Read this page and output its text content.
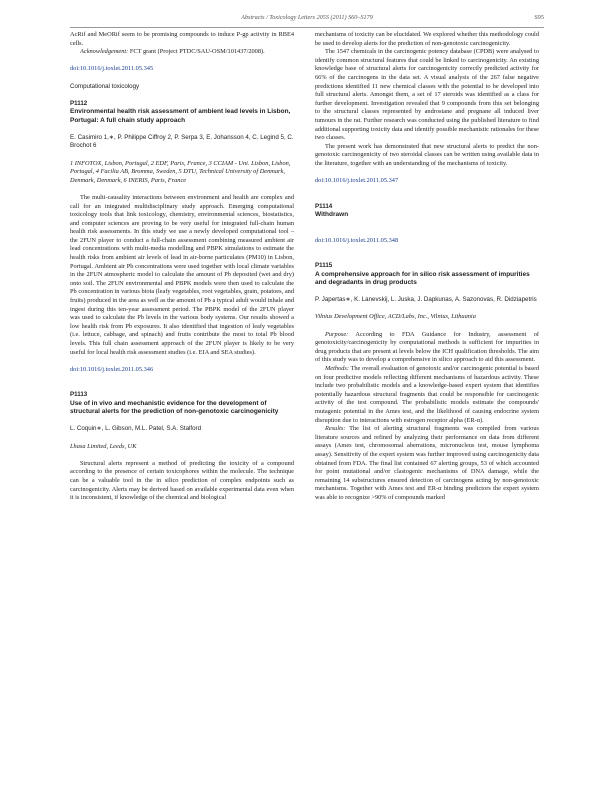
Abstracts / Toxicology Letters 205S (2011) S60–S179	S95

AcRif and MeORif seem to be promising compounds to induce P-gp activity in RBE4 cells.

Acknowledgement: FCT grant (Project PTDC/SAU-OSM/101437/2008).

doi:10.1016/j.toxlet.2011.05.345

Computational toxicology

P1112

Environmental health risk assessment of ambient lead levels in Lisbon, Portugal: A full chain study approach

E. Casimiro 1,∗, P. Philippe Ciffroy 2, P. Serpa 3, E. Johansson 4, C. Legind 5, C. Brochot 6

1 INFOTOX, Lisbon, Portugal, 2 EDF, Paris, France, 3 CCIAM - Uni. Lisbon, Lisbon, Portugal, 4 Facilia AB, Bromma, Sweden, 5 DTU, Technical University of Denmark, Denmark, Denmark, 6 INERIS, Paris, France

The multi-causality interactions between environment and health are complex and call for an integrated multidisciplinary study approach. Emerging computational toxicology tools that link toxicology, chemistry, environmental sciences, biostatistics, and computer sciences are proving to be very useful for integrated full-chain human health risk assessments. In this study we use a newly developed computational tool – the 2FUN player to conduct a full-chain assessment combining measured ambient air lead concentrations with multi-media modelling and PBPK simulations to estimate the health risks from ambient air levels of lead in air-borne particulates (PM10) in Lisbon, Portugal. Ambient air Pb concentrations were used together with local climate variables in the 2FUN atmospheric model to calculate the amount of Pb deposited (wet and dry) onto soil. The 2FUN environmental and PBPK models were then used to calculate the Pb concentration in various biota (leafy vegetables, root vegetables, grain, potatoes, and fruits) produced in the area as well as the amount of Pb a typical adult would inhale and ingest during this ten-year assessment period. The PBPK model of the 2FUN player was used to calculate the Pb levels in the various body systems. Our results showed a low health risk from Pb exposures. It also identified that ingestion of leafy vegetables (i.e. lettuce, cabbage, and spinach) and fruits contribute the most to total Pb blood levels. This full chain assessment approach of the 2FUN player is likely to be very useful for local health risk assessment studies (i.e. EIA and SEA studies).

doi:10.1016/j.toxlet.2011.05.346

P1113

Use of in vivo and mechanistic evidence for the development of structural alerts for the prediction of non-genotoxic carcinogenicity

L. Coquin∗, L. Gibson, M.L. Patel, S.A. Stalford

Lhasa Limited, Leeds, UK

Structural alerts represent a method of predicting the toxicity of a compound according to the presence of certain toxicophores within the molecule. The technique can be a valuable tool in the in silico prediction of complex endpoints such as carcinogenicity. Alerts may be derived based on available experimental data even when it is inconsistent, if knowledge of the chemical and biological

mechanisms of toxicity can be elucidated. We explored whether this methodology could be used to develop alerts for the prediction of non-genotoxic carcinogenicity.

The 1547 chemicals in the carcinogenic potency database (CPDB) were analysed to identify common structural features that could be linked to carcinogenicity. An existing knowledge base of structural alerts for carcinogenicity correctly predicted activity for 66% of the carcinogens in the data set. A visual analysis of the 267 false negative predictions identified 11 new chemical classes with the potential to be developed into full structural alerts. Amongst them, a set of 17 steroids was identified as a class for further development. Investigation revealed that 9 compounds from this set belonging to the structural classes represented by androstane and pregnane all induced liver tumours in the rat. Further research was conducted using the published literature to find additional supporting toxicity data and identify possible mechanistic rationales for these two classes.

The present work has demonstrated that new structural alerts to predict the non-genotoxic carcinogenicity of two steroidal classes can be written using available data in the literature, together with an understanding of the mechanisms of toxicity.

doi:10.1016/j.toxlet.2011.05.347

P1114

Withdrawn

doi:10.1016/j.toxlet.2011.05.348

P1115

A comprehensive approach for in silico risk assessment of impurities and degradants in drug products

P. Japertas∗, K. Lanevskij, L. Juska, J. Dapkunas, A. Sazonovas, R. Didziapetris

Vilnius Development Office, ACD/Labs, Inc., Vilnius, Lithuania

Purpose: According to FDA Guidance for Industry, assessment of genotoxicity/carcinogenicity by computational methods is sufficient for impurities in drug products that are present at levels below the ICH qualification thresholds. The aim of this study was to develop a comprehensive in silico approach to aid this assessment.

Methods: The overall evaluation of genotoxic and/or carcinogenic potential is based on four predictive models reflecting different mechanisms of hazardous activity. These include two probabilistic models and a knowledge-based expert system that identifies potentially hazardous structural fragments that could be responsible for carcinogenic activity of the test compound. The probabilistic models estimate the compounds' mutagenic potential in the Ames test, and the likelihood of causing endocrine system disruption due to interactions with estrogen receptor alpha (ER-α).

Results: The list of alerting structural fragments was compiled from various literature sources and refined by analyzing their performance on data from different assays (Ames test, chromosomal aberrations, micronucleus test, mouse lymphoma assay). Sensitivity of the expert system was further improved using carcinogenicity data obtained from FDA. The final list contained 67 alerting groups, 53 of which accounted for point mutational and/or clastogenic mechanisms of DNA damage, while the remaining 14 substructures ensured detection of carcinogens acting by non-genotoxic mechanisms. Together with Ames test and ER-α binding predictors the expert system was able to recognize >90% of compounds marked
